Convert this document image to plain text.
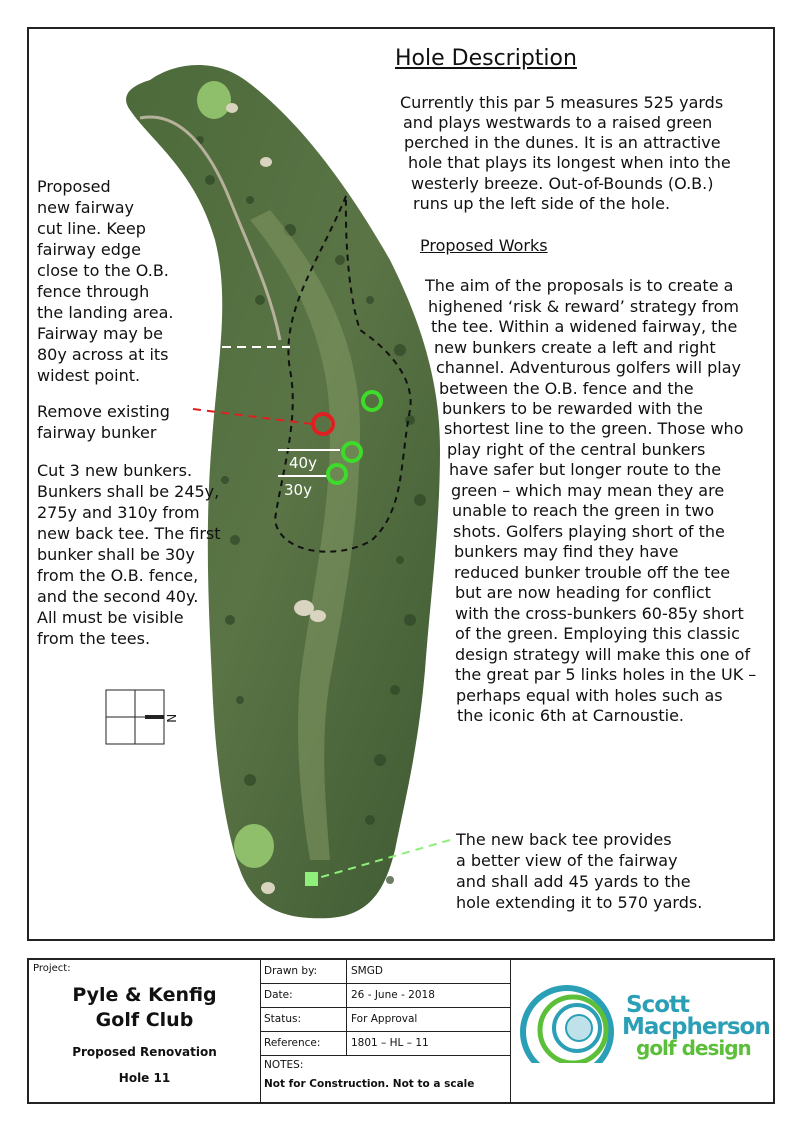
N
Hole Description
Currently this par 5 measures 525 yards
and plays westwards to a raised green
perched in the dunes. It is an attractive
hole that plays its longest when into the
westerly breeze. Out-of-Bounds (O.B.)
runs up the left side of the hole.
Proposed Works
The aim of the proposals is to create a
highened ‘risk & reward’ strategy from
the tee. Within a widened fairway, the
new bunkers create a left and right
channel. Adventurous golfers will play
between the O.B. fence and the
bunkers to be rewarded with the
shortest line to the green. Those who
play right of the central bunkers
have safer but longer route to the
green – which may mean they are
unable to reach the green in two
shots. Golfers playing short of the
bunkers may find they have
reduced bunker trouble off the tee
but are now heading for conflict
with the cross-bunkers 60-85y short
of the green. Employing this classic
design strategy will make this one of
the great par 5 links holes in the UK –
perhaps equal with holes such as
the iconic 6th at Carnoustie.
Proposed
new fairway
cut line. Keep
fairway edge
close to the O.B.
fence through
the landing area.
Fairway may be
80y across at its
widest point.
Remove existing
fairway bunker
Cut 3 new bunkers.
Bunkers shall be 245y,
275y and 310y from
new back tee. The first
bunker shall be 30y
from the O.B. fence,
and the second 40y.
All must be visible
from the tees.
40y
30y
The new back tee provides
a better view of the fairway
and shall add 45 yards to the
hole extending it to 570 yards.
Project:
Pyle & Kenfig
Golf Club
Proposed Renovation
Hole 11
Drawn by:	SMGD
Date:	26 - June - 2018
Status:	For Approval
Reference:	1801 – HL – 11
NOTES:
Not for Construction. Not to a scale
Scott
Macpherson
golf design
